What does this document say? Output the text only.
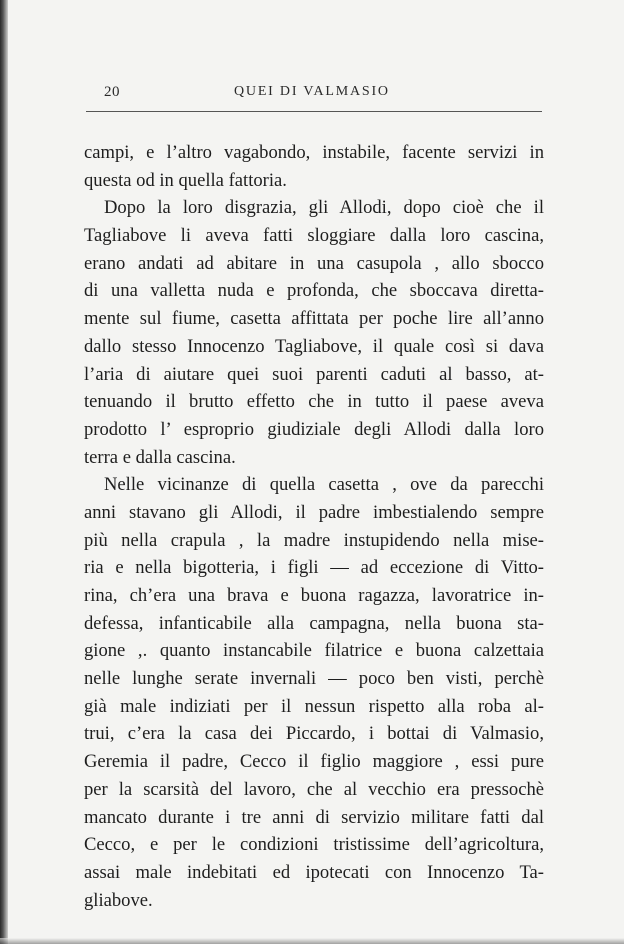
20	QUEI DI VALMASIO
campi, e l’altro vagabondo, instabile, facente servizi in
questa od in quella fattoria.
Dopo la loro disgrazia, gli Allodi, dopo cioè che il
Tagliabove li aveva fatti sloggiare dalla loro cascina,
erano andati ad abitare in una casupola , allo sbocco
di una valletta nuda e profonda, che sboccava diretta-
mente sul fiume, casetta affittata per poche lire all’anno
dallo stesso Innocenzo Tagliabove, il quale così si dava
l’aria di aiutare quei suoi parenti caduti al basso, at-
tenuando il brutto effetto che in tutto il paese aveva
prodotto l’ esproprio giudiziale degli Allodi dalla loro
terra e dalla cascina.
Nelle vicinanze di quella casetta , ove da parecchi
anni stavano gli Allodi, il padre imbestialendo sempre
più nella crapula , la madre instupidendo nella mise-
ria e nella bigotteria, i figli — ad eccezione di Vitto-
rina, ch’era una brava e buona ragazza, lavoratrice in-
defessa, infanticabile alla campagna, nella buona sta-
gione ,. quanto instancabile filatrice e buona calzettaia
nelle lunghe serate invernali — poco ben visti, perchè
già male indiziati per il nessun rispetto alla roba al-
trui, c’era la casa dei Piccardo, i bottai di Valmasio,
Geremia il padre, Cecco il figlio maggiore , essi pure
per la scarsità del lavoro, che al vecchio era pressochè
mancato durante i tre anni di servizio militare fatti dal
Cecco, e per le condizioni tristissime dell’agricoltura,
assai male indebitati ed ipotecati con Innocenzo Ta-
gliabove.
